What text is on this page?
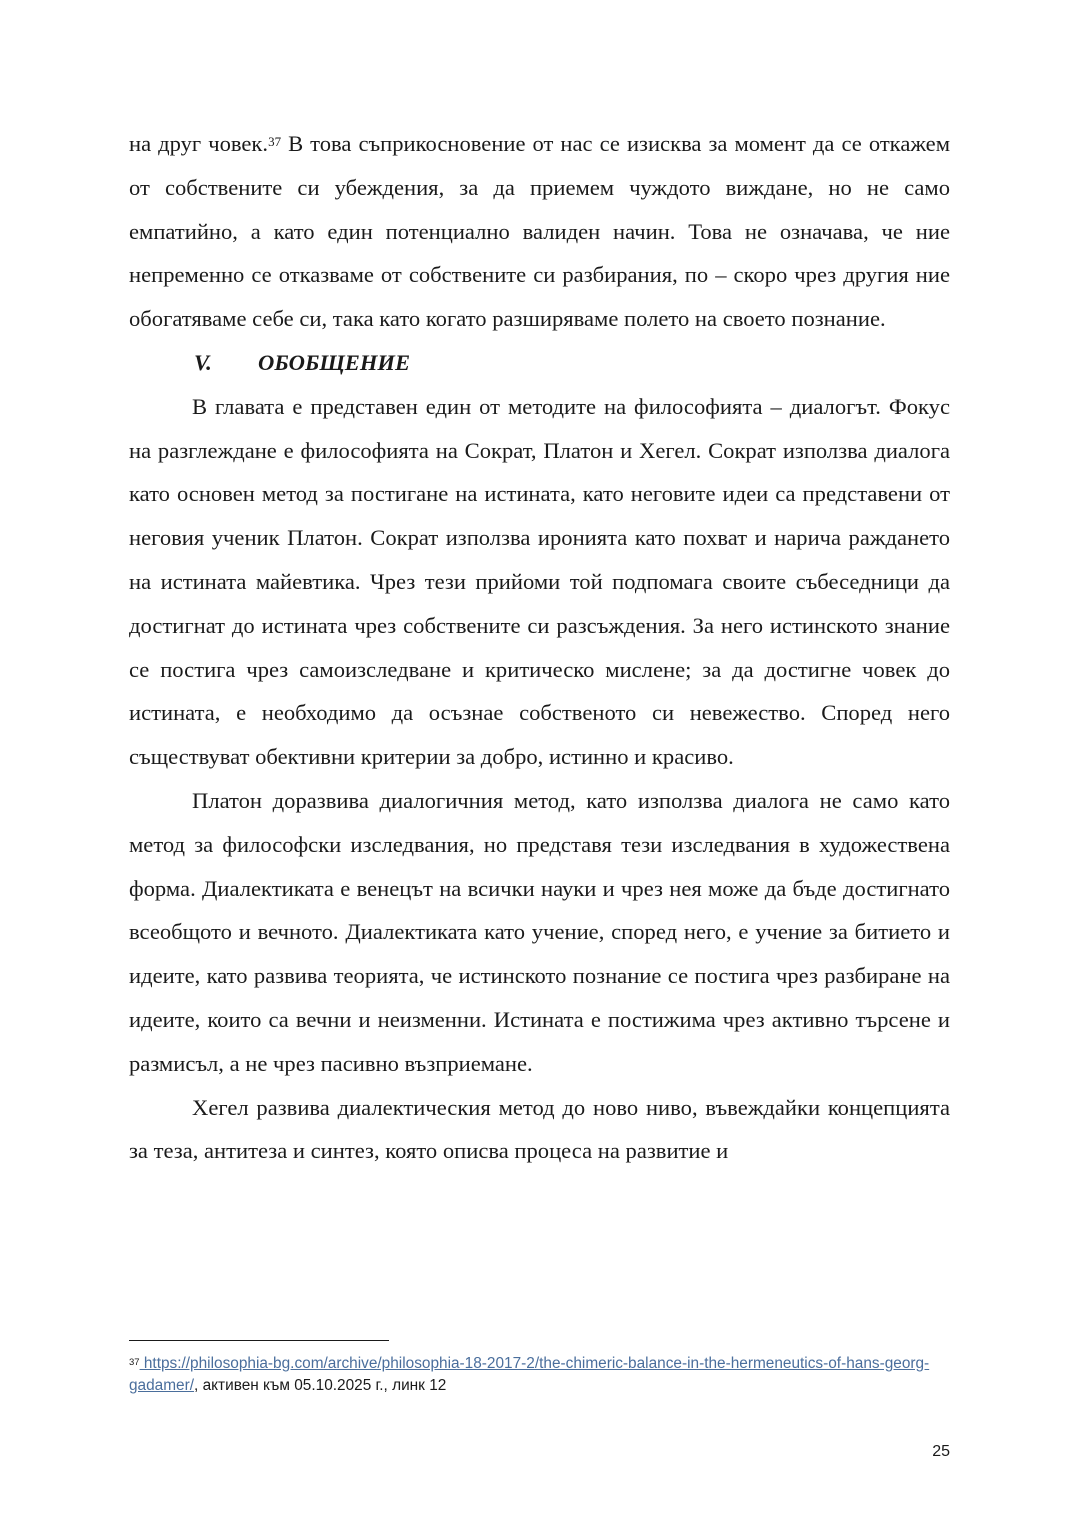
на друг човек.$^{37}$ В това съприкосновение от нас се изисква за момент да се откажем от собствените си убеждения, за да приемем чуждото виждане, но не само емпатийно, а като един потенциално валиден начин. Това не означава, че ние непременно се отказваме от собствените си разбирания, по – скоро чрез другия ние обогатяваме себе си, така като когато разширяваме полето на своето познание.

V.	ОБОБЩЕНИЕ

В главата е представен един от методите на философията – диалогът. Фокус на разглеждане е философията на Сократ, Платон и Хегел. Сократ използва диалога като основен метод за постигане на истината, като неговите идеи са представени от неговия ученик Платон. Сократ използва иронията като похват и нарича раждането на истината майевтика. Чрез тези прийоми той подпомага своите събеседници да достигнат до истината чрез собствените си разсъждения. За него истинското знание се постига чрез самоизследване и критическо мислене; за да достигне човек до истината, е необходимо да осъзнае собственото си невежество. Според него съществуват обективни критерии за добро, истинно и красиво.

Платон доразвива диалогичния метод, като използва диалога не само като метод за философски изследвания, но представя тези изследвания в художествена форма. Диалектиката е венецът на всички науки и чрез нея може да бъде достигнато всеобщото и вечното. Диалектиката като учение, според него, е учение за битието и идеите, като развива теорията, че истинското познание се постига чрез разбиране на идеите, които са вечни и неизменни. Истината е постижима чрез активно търсене и размисъл, а не чрез пасивно възприемане.

Хегел развива диалектическия метод до ново ниво, въвеждайки концепцията за теза, антитеза и синтез, която описва процеса на развитие и

$^{37}$ https://philosophia-bg.com/archive/philosophia-18-2017-2/the-chimeric-balance-in-the-hermeneutics-of-hans-georg-gadamer/, активен към 05.10.2025 г., линк 12
25
